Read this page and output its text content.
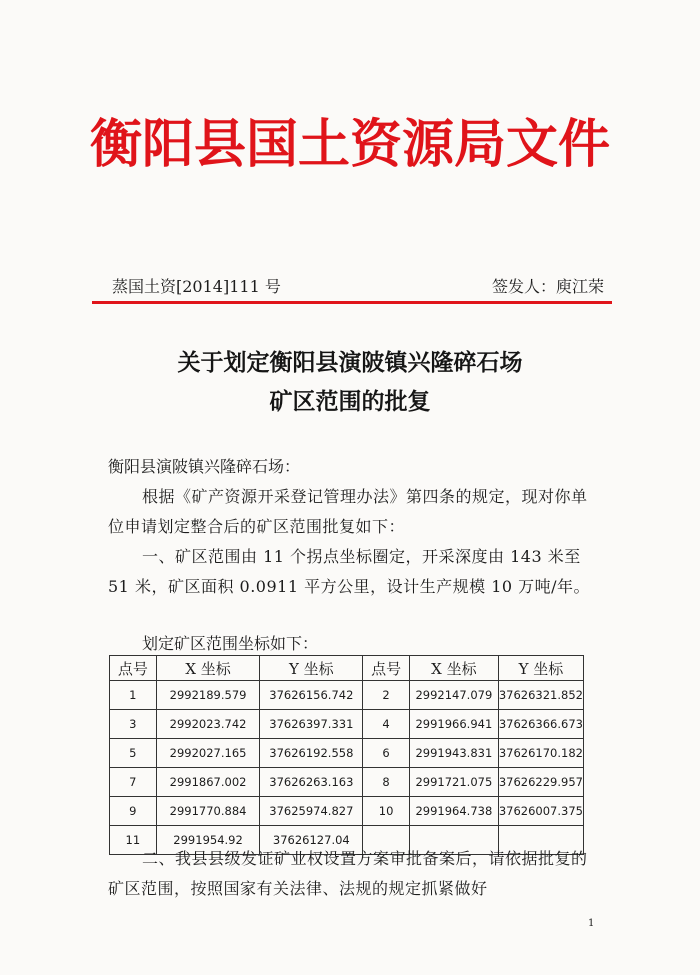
衡阳县国土资源局文件
蒸国土资[2014]111 号	签发人：庾江荣
关于划定衡阳县演陂镇兴隆碎石场
矿区范围的批复
衡阳县演陂镇兴隆碎石场：
根据《矿产资源开采登记管理办法》第四条的规定，现对你单位申请划定整合后的矿区范围批复如下：
一、矿区范围由 11 个拐点坐标圈定，开采深度由 143 米至 51 米，矿区面积 0.0911 平方公里，设计生产规模 10 万吨/年。
划定矿区范围坐标如下：
点号	X 坐标	Y 坐标	点号	X 坐标	Y 坐标
1	2992189.579	37626156.742	2	2992147.079	37626321.852
3	2992023.742	37626397.331	4	2991966.941	37626366.673
5	2992027.165	37626192.558	6	2991943.831	37626170.182
7	2991867.002	37626263.163	8	2991721.075	37626229.957
9	2991770.884	37625974.827	10	2991964.738	37626007.375
11	2991954.92	37626127.04			
二、我县县级发证矿业权设置方案审批备案后，请依据批复的矿区范围，按照国家有关法律、法规的规定抓紧做好
1
